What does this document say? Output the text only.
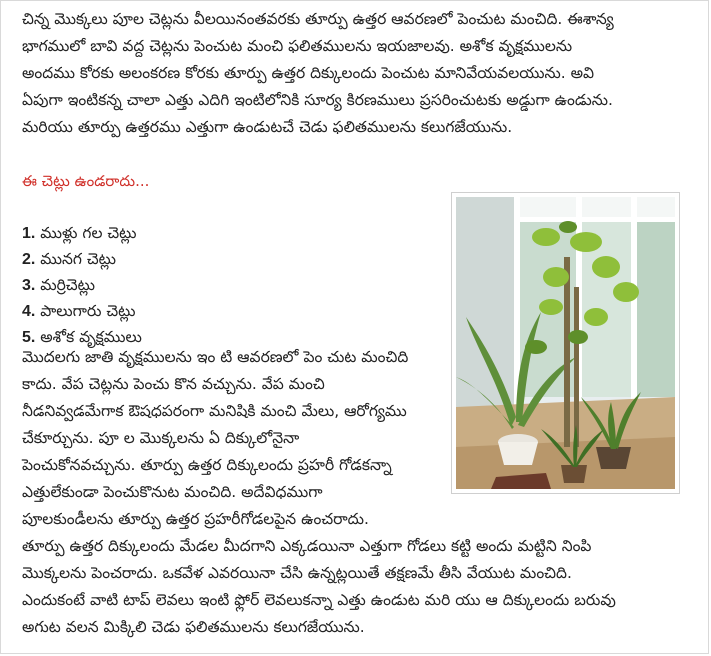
చిన్న మొక్కలు పూల చెట్లను వీలయినంతవరకు తూర్పు ఉత్తర ఆవరణలో పెంచుట మంచిది. ఈశాన్య
భాగములో బావి వద్ద చెట్లను పెంచుట మంచి ఫలితములను ఇయజాలవు. అశోక వృక్షములను
అందము కోరకు అలంకరణ కోరకు తూర్పు ఉత్తర దిక్కులందు పెంచుట మానివేయవలయును. అవి
ఏపుగా ఇంటికన్న చాలా ఎత్తు ఎదిగి ఇంటిలోనికి సూర్య కిరణములు ప్రసరించుటకు అడ్డుగా ఉండును.
మరియు తూర్పు ఉత్తరము ఎత్తుగా ఉండుటచే చెడు ఫలితములను కలుగజేయును.

ఈ చెట్లు ఉండరాదు...

1. ముళ్లు గల చెట్లు
2. మునగ చెట్లు
3. మర్రిచెట్లు
4. పాలుగారు చెట్లు
5. అశోక వృక్షములు
మొదలగు జాతి వృక్షములను ఇం టి ఆవరణలో పెం చుట మంచిది
కాదు. వేప చెట్లను పెంచు కొన వచ్చును. వేప మంచి
నీడనివ్వడమేగాక ఔషధపరంగా మనిషికి మంచి మేలు, ఆరోగ్యము
చేకూర్చును. పూ ల మొక్కలను ఏ దిక్కులోనైనా
పెంచుకోనవచ్చును. తూర్పు ఉత్తర దిక్కులందు ప్రహరీ గోడకన్నా
ఎత్తులేకుండా పెంచుకొనుట మంచిది. అదేవిధముగా
పూలకుండీలను తూర్పు ఉత్తర ప్రహరీగోడలపైన ఉంచరాదు.
తూర్పు ఉత్తర దిక్కులందు మేడల మీదగాని ఎక్కడయినా ఎత్తుగా గోడలు కట్టి అందు మట్టిని నింపి
మొక్కలను పెంచరాదు. ఒకవేళ ఎవరయినా చేసి ఉన్నట్లయితే తక్షణమే తీసి వేయుట మంచిది.
ఎందుకంటే వాటి టాప్ లెవలు ఇంటి ఫ్లోర్ లెవలుకన్నా ఎత్తు ఉండుట మరి యు ఆ దిక్కులందు బరువు
అగుట వలన మిక్కిలి చెడు ఫలితములను కలుగజేయును.
